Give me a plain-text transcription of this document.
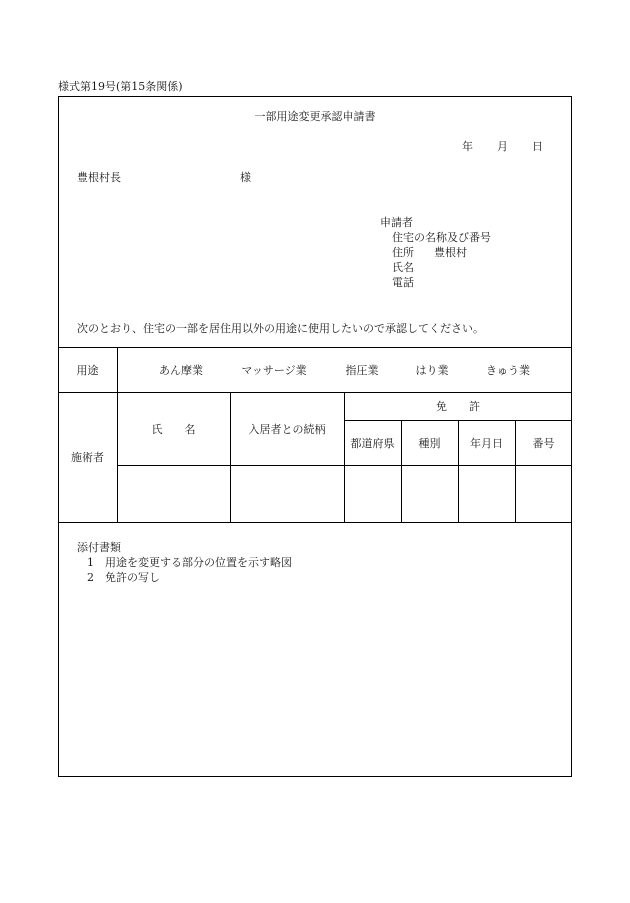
様式第19号(第15条関係)
一部用途変更承認申請書
年 月 日
豊根村長	様
申請者
住宅の名称及び番号
住所 豊根村
氏名
電話
次のとおり、住宅の一部を居住用以外の用途に使用したいので承認してください。
用途	あん摩業	マッサージ業	指圧業	はり業	きゅう業
施術者
氏　　名	入居者との続柄
免　　許
都道府県	種別	年月日	番号
添付書類
1　用途を変更する部分の位置を示す略図
2　免許の写し
